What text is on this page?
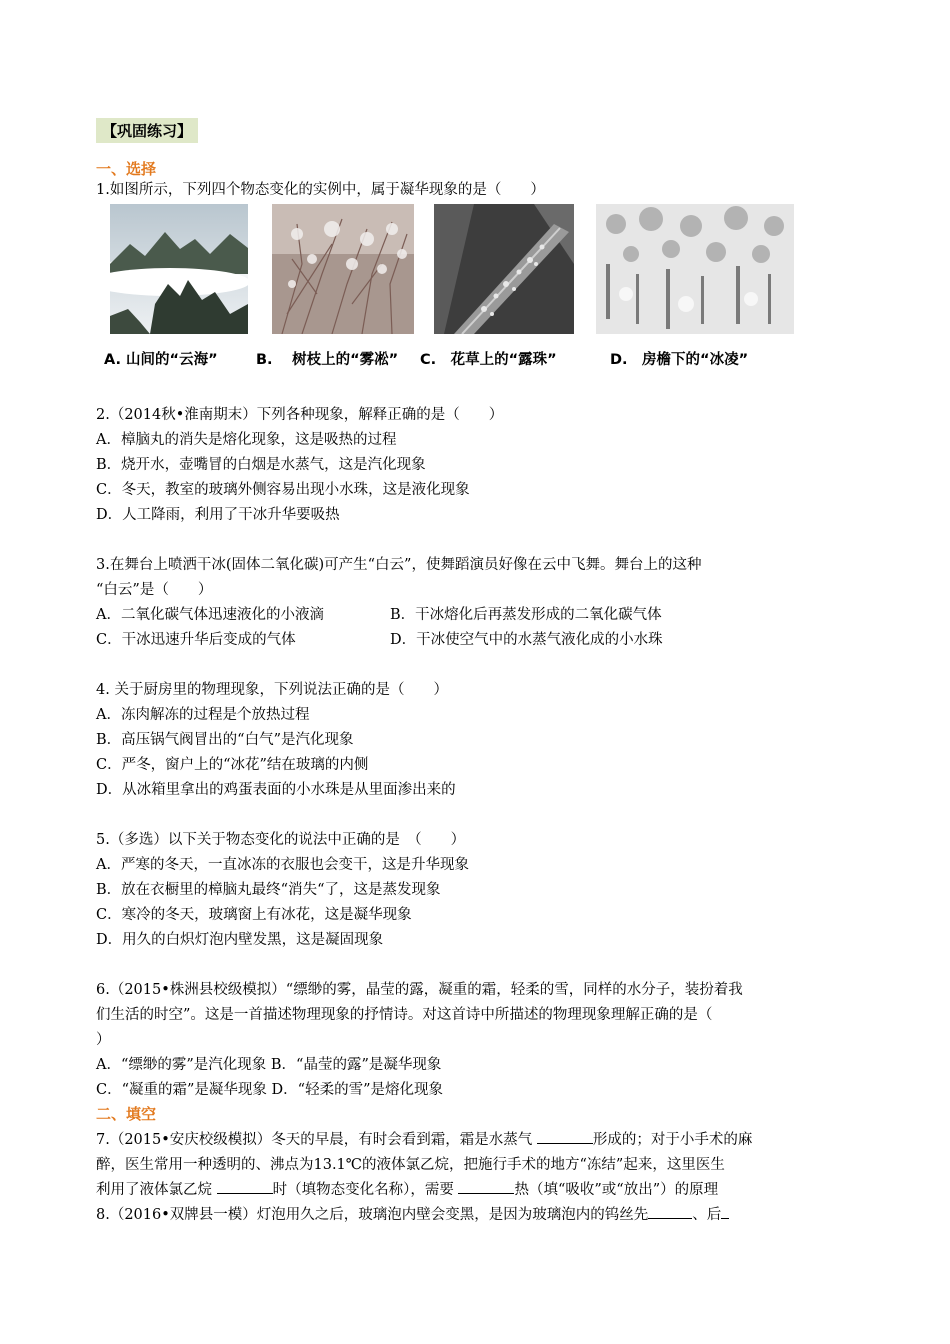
【巩固练习】
一、选择
1.如图所示，下列四个物态变化的实例中，属于凝华现象的是（　　）
A. 山间的“云海”	B.　 树枝上的“雾凇” C.　花草上的“露珠”	D.　房檐下的“冰凌”
2.（2014秋•淮南期末）下列各种现象，解释正确的是（　　）
A．樟脑丸的消失是熔化现象，这是吸热的过程
B．烧开水，壶嘴冒的白烟是水蒸气，这是汽化现象
C．冬天，教室的玻璃外侧容易出现小水珠，这是液化现象
D．人工降雨，利用了干冰升华要吸热
3.在舞台上喷洒干冰(固体二氧化碳)可产生“白云”，使舞蹈演员好像在云中飞舞。舞台上的这种
“白云”是（　　）
A．二氧化碳气体迅速液化的小液滴	B．干冰熔化后再蒸发形成的二氧化碳气体
C．干冰迅速升华后变成的气体	D．干冰使空气中的水蒸气液化成的小水珠
4. 关于厨房里的物理现象，下列说法正确的是（　　）
A．冻肉解冻的过程是个放热过程
B．高压锅气阀冒出的“白气”是汽化现象
C．严冬，窗户上的“冰花”结在玻璃的内侧
D．从冰箱里拿出的鸡蛋表面的小水珠是从里面渗出来的
5.（多选）以下关于物态变化的说法中正确的是　（　　）
A．严寒的冬天，一直冰冻的衣服也会变干，这是升华现象
B．放在衣橱里的樟脑丸最终“消失“了，这是蒸发现象
C．寒冷的冬天，玻璃窗上有冰花，这是凝华现象
D．用久的白炽灯泡内壁发黑，这是凝固现象
6.（2015•株洲县校级模拟）“缥缈的雾，晶莹的露，凝重的霜，轻柔的雪，同样的水分子，装扮着我
们生活的时空”。这是一首描述物理现象的抒情诗。对这首诗中所描述的物理现象理解正确的是（
）
A．“缥缈的雾”是汽化现象 B．“晶莹的露”是凝华现象
C．“凝重的霜”是凝华现象 D．“轻柔的雪”是熔化现象
二、填空
7.（2015•安庆校级模拟）冬天的早晨，有时会看到霜，霜是水蒸气	形成的；对于小手术的麻
醉，医生常用一种透明的、沸点为13.1℃的液体氯乙烷，把施行手术的地方“冻结”起来，这里医生
利用了液体氯乙烷	时（填物态变化名称），需要	热（填“吸收”或“放出”）的原理
8.（2016•双牌县一模）灯泡用久之后，玻璃泡内壁会变黑，是因为玻璃泡内的钨丝先	、后
